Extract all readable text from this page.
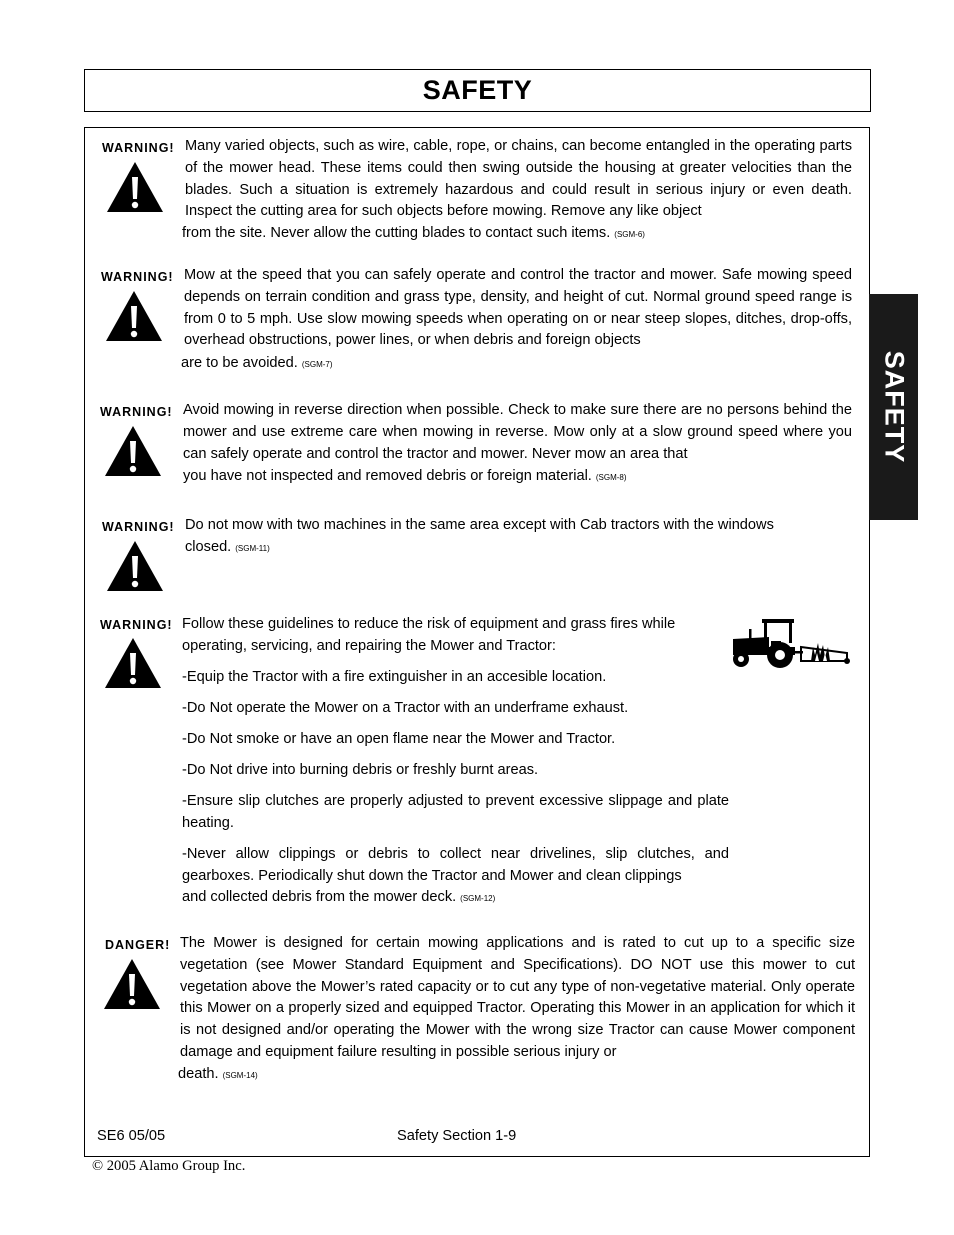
SAFETY
SAFETY
WARNING! Many varied objects, such as wire, cable, rope, or chains, can become entangled in the operating parts of the mower head. These items could then swing outside the housing at greater velocities than the blades. Such a situation is extremely hazardous and could result in serious injury or even death. Inspect the cutting area for such objects before mowing. Remove any like object
from the site. Never allow the cutting blades to contact such items. (SGM-6)
WARNING! Mow at the speed that you can safely operate and control the tractor and mower. Safe mowing speed depends on terrain condition and grass type, density, and height of cut. Normal ground speed range is from 0 to 5 mph. Use slow mowing speeds when operating on or near steep slopes, ditches, drop-offs, overhead obstructions, power lines, or when debris and foreign objects
are to be avoided. (SGM-7)
WARNING! Avoid mowing in reverse direction when possible. Check to make sure there are no persons behind the mower and use extreme care when mowing in reverse. Mow only at a slow ground speed where you can safely operate and control the tractor and mower. Never mow an area that
you have not inspected and removed debris or foreign material. (SGM-8)
WARNING! Do not mow with two machines in the same area except with Cab tractors with the windows
closed. (SGM-11)
WARNING! Follow these guidelines to reduce the risk of equipment and grass fires while operating, servicing, and repairing the Mower and Tractor:

-Equip the Tractor with a fire extinguisher in an accesible location.

-Do Not operate the Mower on a Tractor with an underframe exhaust.

-Do Not smoke or have an open flame near the Mower and Tractor.

-Do Not drive into burning debris or freshly burnt areas.

-Ensure slip clutches are properly adjusted to prevent excessive slippage and plate heating.

-Never allow clippings or debris to collect near drivelines, slip clutches, and gearboxes. Periodically shut down the Tractor and Mower and clean clippings

and collected debris from the mower deck. (SGM-12)

DANGER! The Mower is designed for certain mowing applications and is rated to cut up to a specific size vegetation (see Mower Standard Equipment and Specifications). DO NOT use this mower to cut vegetation above the Mower’s rated capacity or to cut any type of non-vegetative material. Only operate this Mower on a properly sized and equipped Tractor. Operating this Mower in an application for which it is not designed and/or operating the Mower with the wrong size Tractor can cause Mower component damage and equipment failure resulting in possible serious injury or
death. (SGM-14)
SE6 05/05	Safety Section 1-9
© 2005 Alamo Group Inc.
